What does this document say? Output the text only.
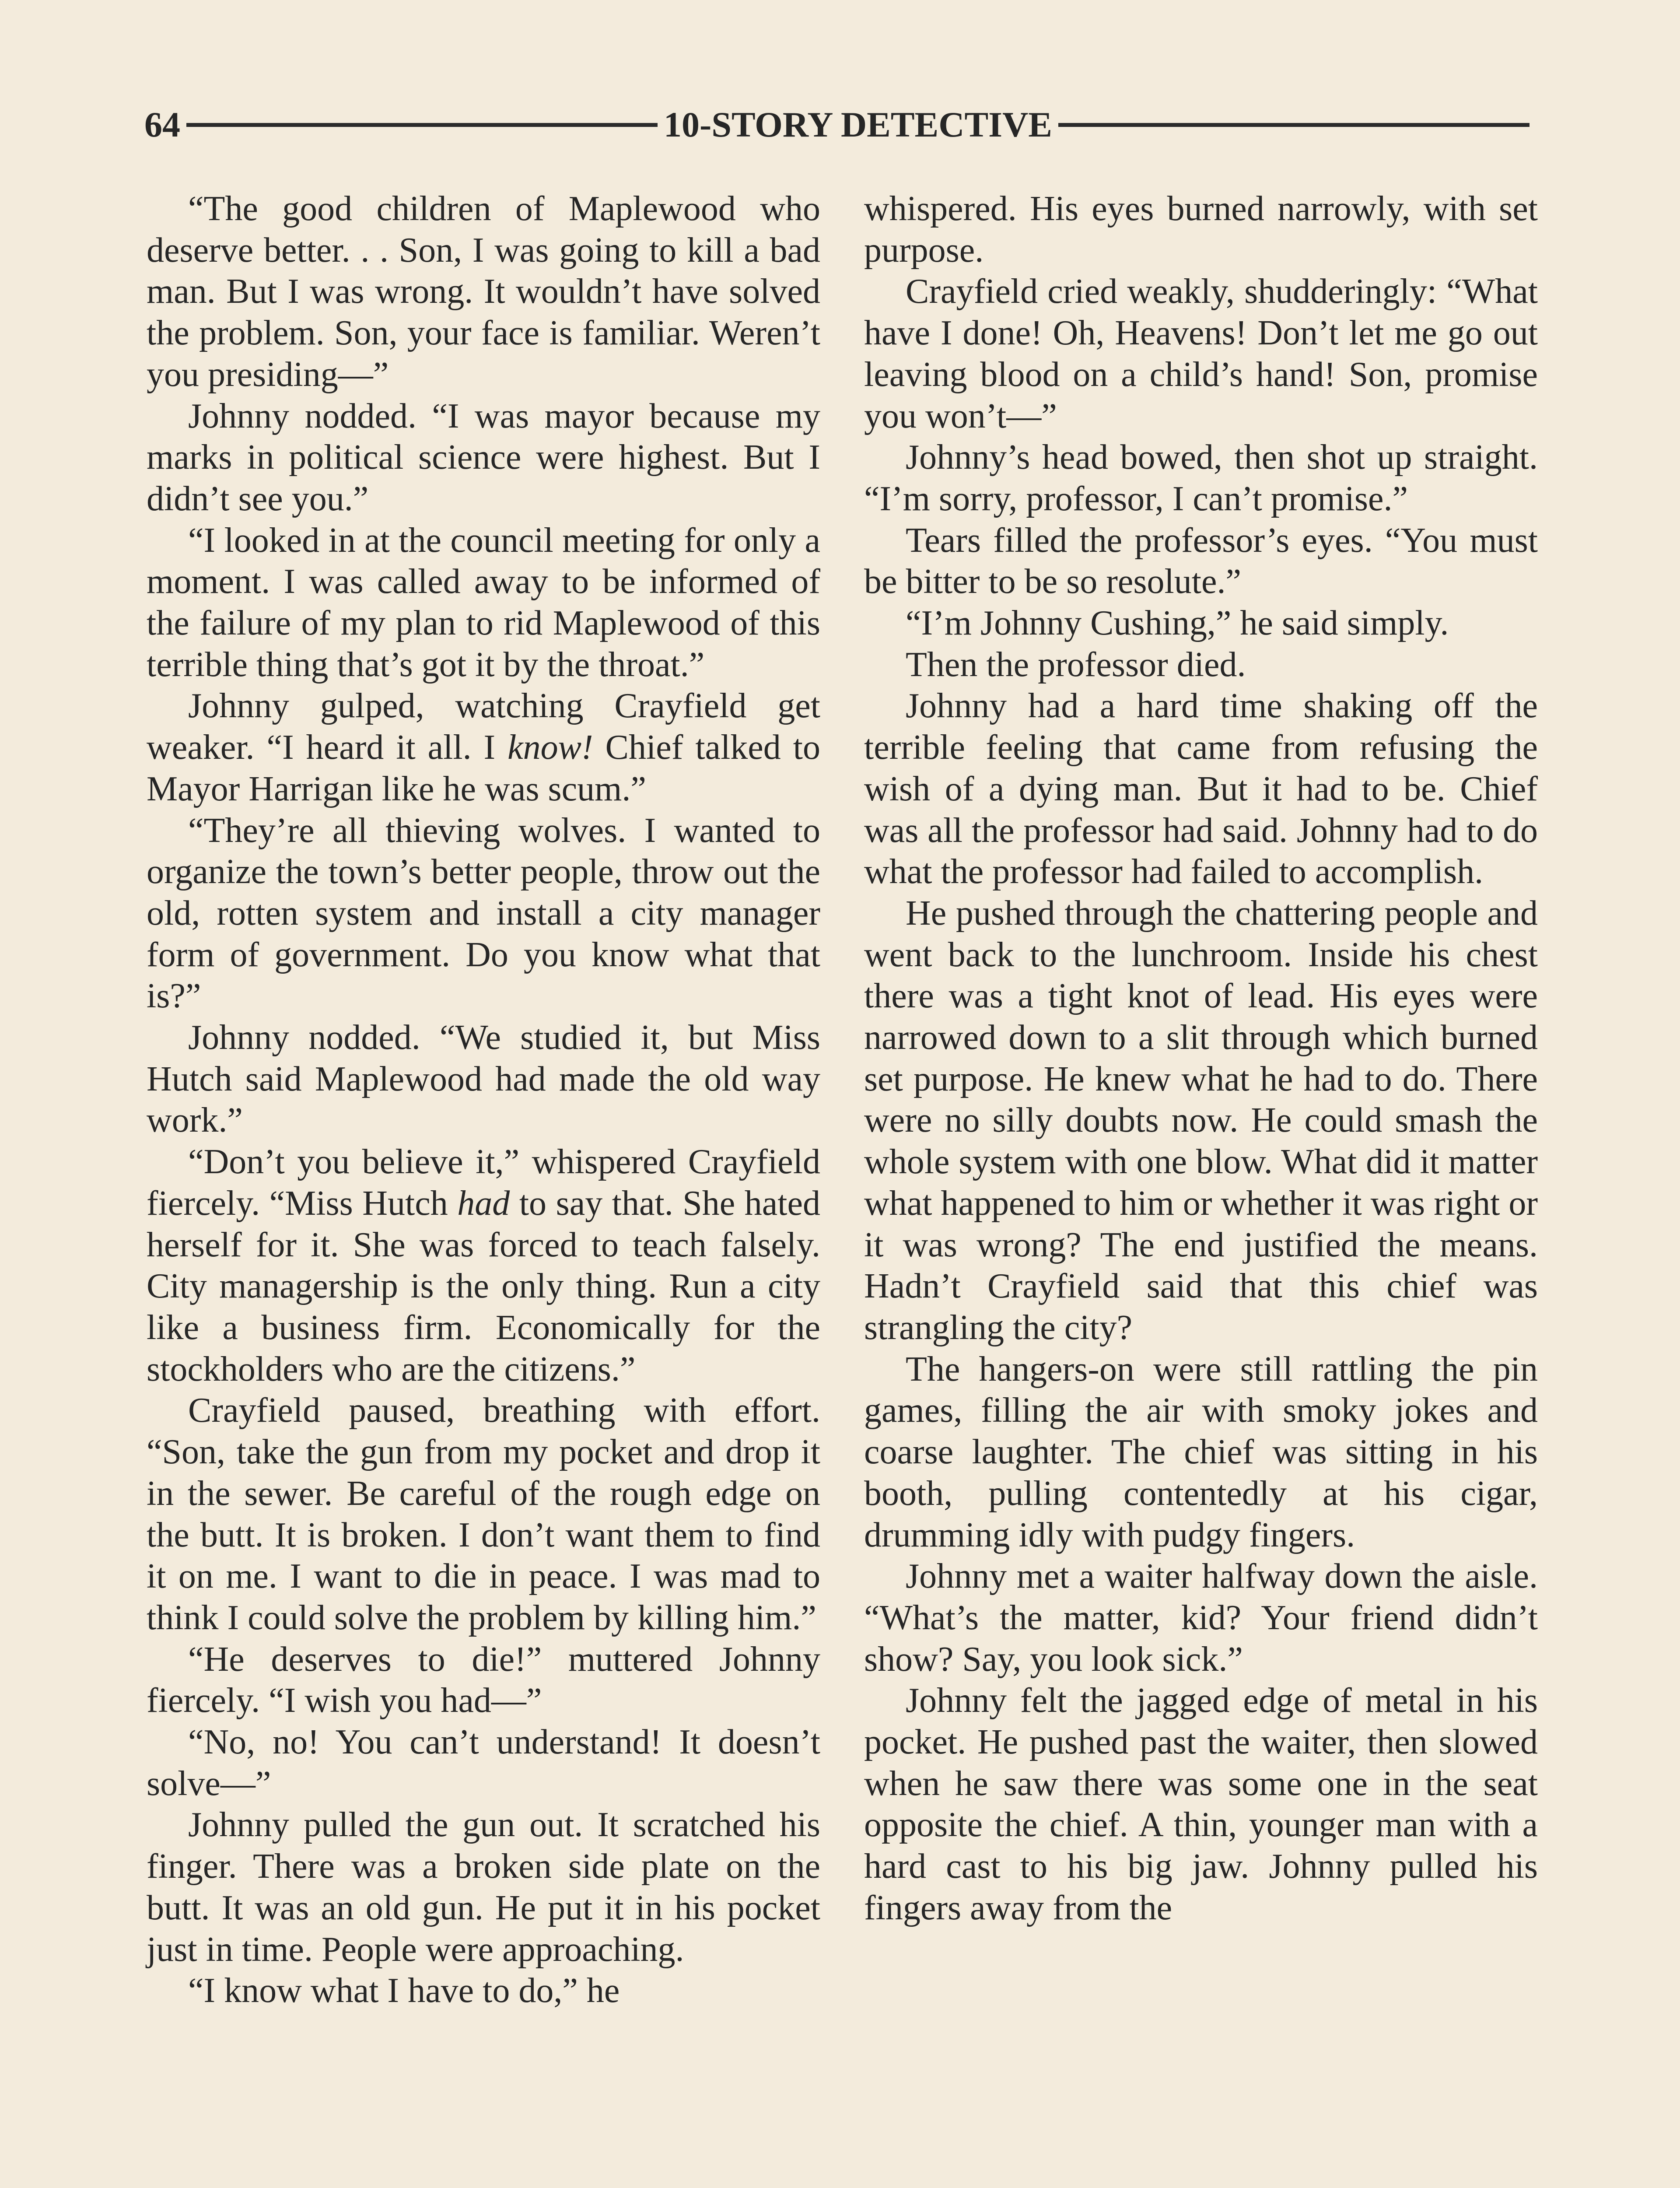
64	10-STORY DETECTIVE

“The good children of Maplewood who deserve better. . . Son, I was going to kill a bad man. But I was wrong. It wouldn’t have solved the problem. Son, your face is familiar. Weren’t you presiding—”

Johnny nodded. “I was mayor because my marks in political science were highest. But I didn’t see you.”

“I looked in at the council meeting for only a moment. I was called away to be informed of the failure of my plan to rid Maplewood of this terrible thing that’s got it by the throat.”

Johnny gulped, watching Crayfield get weaker. “I heard it all. I know! Chief talked to Mayor Harrigan like he was scum.”

“They’re all thieving wolves. I wanted to organize the town’s better people, throw out the old, rotten system and install a city manager form of government. Do you know what that is?”

Johnny nodded. “We studied it, but Miss Hutch said Maplewood had made the old way work.”

“Don’t you believe it,” whispered Crayfield fiercely. “Miss Hutch had to say that. She hated herself for it. She was forced to teach falsely. City managership is the only thing. Run a city like a business firm. Economically for the stockholders who are the citizens.”

Crayfield paused, breathing with effort. “Son, take the gun from my pocket and drop it in the sewer. Be careful of the rough edge on the butt. It is broken. I don’t want them to find it on me. I want to die in peace. I was mad to think I could solve the problem by killing him.”

“He deserves to die!” muttered Johnny fiercely. “I wish you had—”

“No, no! You can’t understand! It doesn’t solve—”

Johnny pulled the gun out. It scratched his finger. There was a broken side plate on the butt. It was an old gun. He put it in his pocket just in time. People were approaching.

“I know what I have to do,” he

whispered. His eyes burned narrowly, with set purpose.

Crayfield cried weakly, shudderingly: “What have I done! Oh, Heavens! Don’t let me go out leaving blood on a child’s hand! Son, promise you won’t—”

Johnny’s head bowed, then shot up straight. “I’m sorry, professor, I can’t promise.”

Tears filled the professor’s eyes. “You must be bitter to be so resolute.”

“I’m Johnny Cushing,” he said simply.

Then the professor died.

Johnny had a hard time shaking off the terrible feeling that came from refusing the wish of a dying man. But it had to be. Chief was all the professor had said. Johnny had to do what the professor had failed to accomplish.

He pushed through the chattering people and went back to the lunchroom. Inside his chest there was a tight knot of lead. His eyes were narrowed down to a slit through which burned set purpose. He knew what he had to do. There were no silly doubts now. He could smash the whole system with one blow. What did it matter what happened to him or whether it was right or it was wrong? The end justified the means. Hadn’t Crayfield said that this chief was strangling the city?

The hangers-on were still rattling the pin games, filling the air with smoky jokes and coarse laughter. The chief was sitting in his booth, pulling contentedly at his cigar, drumming idly with pudgy fingers.

Johnny met a waiter halfway down the aisle. “What’s the matter, kid? Your friend didn’t show? Say, you look sick.”

Johnny felt the jagged edge of metal in his pocket. He pushed past the waiter, then slowed when he saw there was some one in the seat opposite the chief. A thin, younger man with a hard cast to his big jaw. Johnny pulled his fingers away from the
